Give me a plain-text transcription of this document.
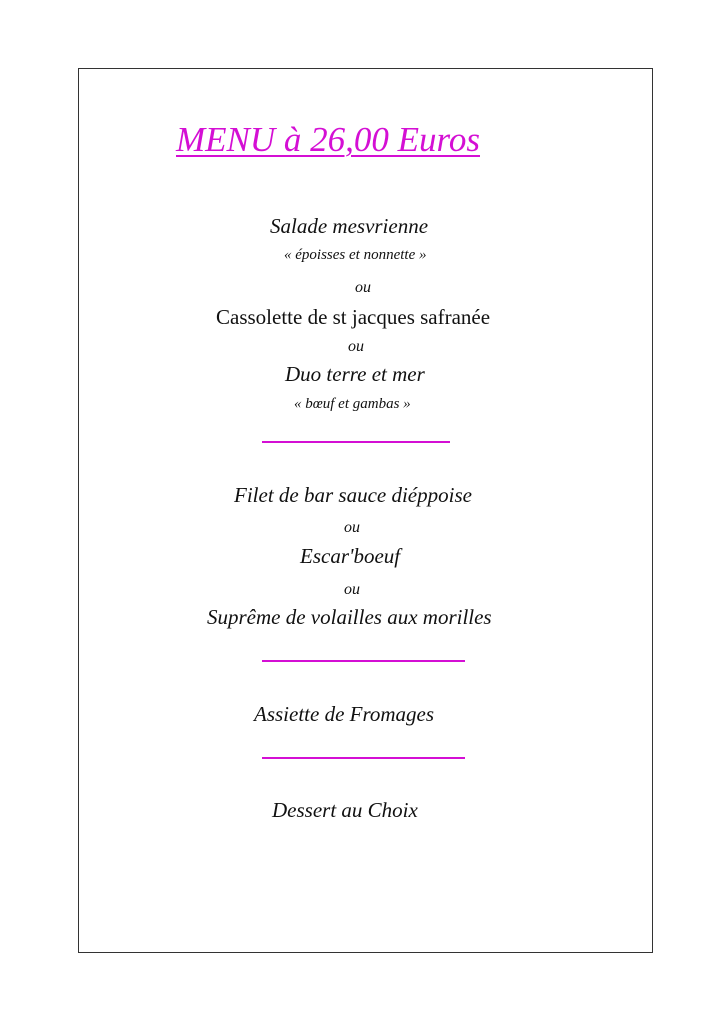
MENU à 26,00 Euros
Salade mesvrienne
« époisses et nonnette »
ou
Cassolette de st jacques safranée
ou
Duo terre et mer
« bœuf et gambas »
Filet de bar sauce diéppoise
ou
Escar'boeuf
ou
Suprême de volailles aux morilles
Assiette de Fromages
Dessert au Choix
